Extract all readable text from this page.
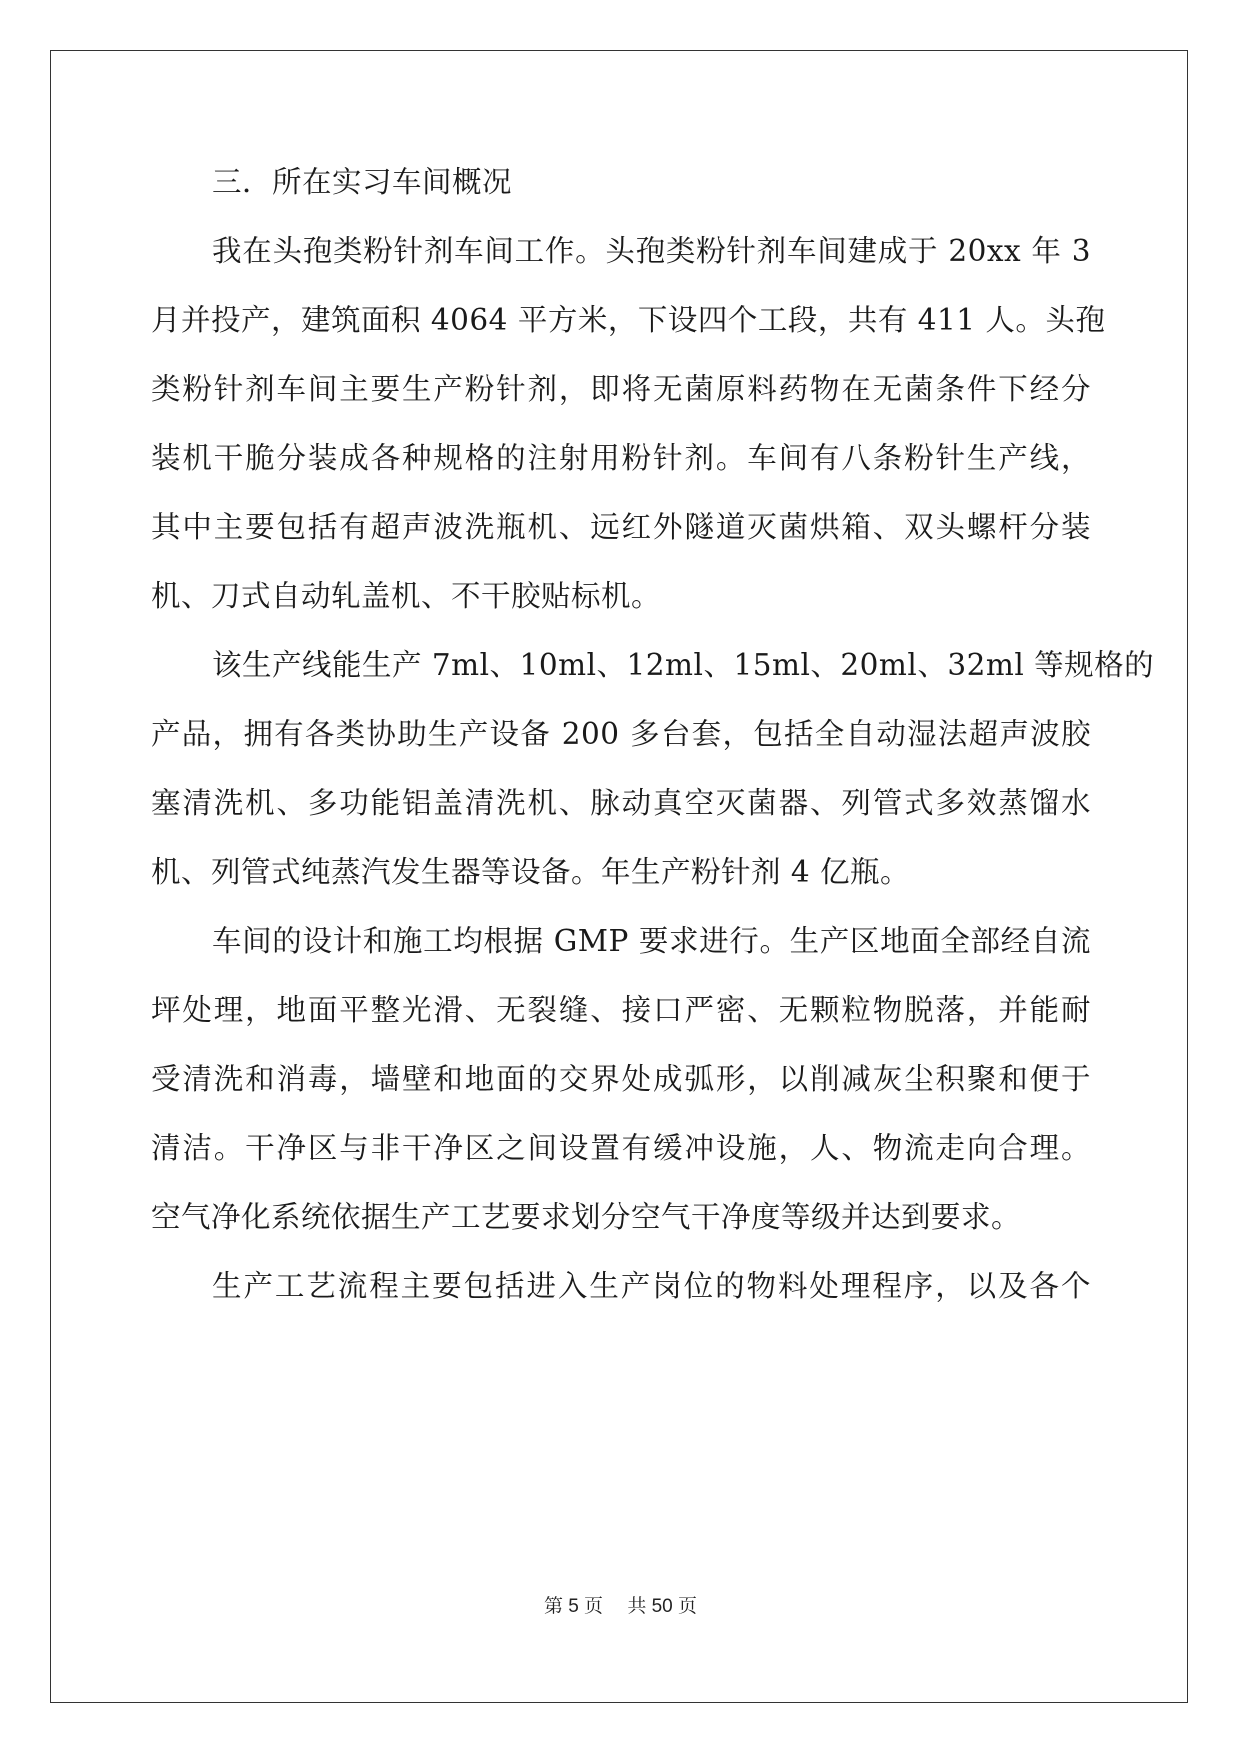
三．所在实习车间概况
我在头孢类粉针剂车间工作。头孢类粉针剂车间建成于 20xx 年 3
月并投产，建筑面积 4064 平方米，下设四个工段，共有 411 人。头孢
类粉针剂车间主要生产粉针剂，即将无菌原料药物在无菌条件下经分
装机干脆分装成各种规格的注射用粉针剂。车间有八条粉针生产线，
其中主要包括有超声波洗瓶机、远红外隧道灭菌烘箱、双头螺杆分装
机、刀式自动轧盖机、不干胶贴标机。
该生产线能生产 7ml、10ml、12ml、15ml、20ml、32ml 等规格的
产品，拥有各类协助生产设备 200 多台套，包括全自动湿法超声波胶
塞清洗机、多功能铝盖清洗机、脉动真空灭菌器、列管式多效蒸馏水
机、列管式纯蒸汽发生器等设备。年生产粉针剂 4 亿瓶。
车间的设计和施工均根据 GMP 要求进行。生产区地面全部经自流
坪处理，地面平整光滑、无裂缝、接口严密、无颗粒物脱落，并能耐
受清洗和消毒，墙壁和地面的交界处成弧形，以削减灰尘积聚和便于
清洁。干净区与非干净区之间设置有缓冲设施，人、物流走向合理。
空气净化系统依据生产工艺要求划分空气干净度等级并达到要求。
生产工艺流程主要包括进入生产岗位的物料处理程序，以及各个
第 5 页　 共 50 页
